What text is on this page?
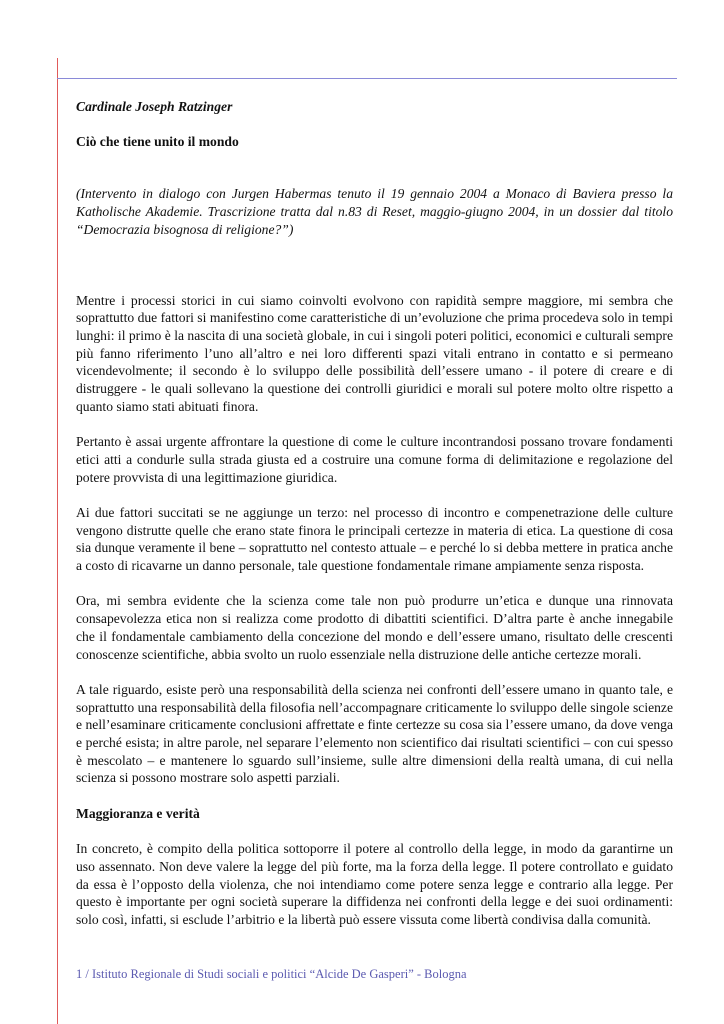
Cardinale Joseph Ratzinger

Ciò che tiene unito il mondo

(Intervento in dialogo con Jurgen Habermas tenuto il 19 gennaio 2004 a Monaco di Baviera presso la Katholische Akademie. Trascrizione tratta dal n.83 di Reset, maggio-giugno 2004, in un dossier dal titolo “Democrazia bisognosa di religione?”)

Mentre i processi storici in cui siamo coinvolti evolvono con rapidità sempre maggiore, mi sembra che soprattutto due fattori si manifestino come caratteristiche di un’evoluzione che prima procedeva solo in tempi lunghi: il primo è la nascita di una società globale, in cui i singoli poteri politici, economici e culturali sempre più fanno riferimento l’uno all’altro e nei loro differenti spazi vitali entrano in contatto e si permeano vicendevolmente; il secondo è lo sviluppo delle possibilità dell’essere umano - il potere di creare e di distruggere - le quali sollevano la questione dei controlli giuridici e morali sul potere molto oltre rispetto a quanto siamo stati abituati finora.

Pertanto è assai urgente affrontare la questione di come le culture incontrandosi possano trovare fondamenti etici atti a condurle sulla strada giusta ed a costruire una comune forma di delimitazione e regolazione del potere provvista di una legittimazione giuridica.

Ai due fattori succitati se ne aggiunge un terzo: nel processo di incontro e compenetrazione delle culture vengono distrutte quelle che erano state finora le principali certezze in materia di etica. La questione di cosa sia dunque veramente il bene – soprattutto nel contesto attuale – e perché lo si debba mettere in pratica anche a costo di ricavarne un danno personale, tale questione fondamentale rimane ampiamente senza risposta.

Ora, mi sembra evidente che la scienza come tale non può produrre un’etica e dunque una rinnovata consapevolezza etica non si realizza come prodotto di dibattiti scientifici. D’altra parte è anche innegabile che il fondamentale cambiamento della concezione del mondo e dell’essere umano, risultato delle crescenti conoscenze scientifiche, abbia svolto un ruolo essenziale nella distruzione delle antiche certezze morali.

A tale riguardo, esiste però una responsabilità della scienza nei confronti dell’essere umano in quanto tale, e soprattutto una responsabilità della filosofia nell’accompagnare criticamente lo sviluppo delle singole scienze e nell’esaminare criticamente conclusioni affrettate e finte certezze su cosa sia l’essere umano, da dove venga e perché esista; in altre parole, nel separare l’elemento non scientifico dai risultati scientifici – con cui spesso è mescolato – e mantenere lo sguardo sull’insieme, sulle altre dimensioni della realtà umana, di cui nella scienza si possono mostrare solo aspetti parziali.

Maggioranza e verità

In concreto, è compito della politica sottoporre il potere al controllo della legge, in modo da garantirne un uso assennato. Non deve valere la legge del più forte, ma la forza della legge. Il potere controllato e guidato da essa è l’opposto della violenza, che noi intendiamo come potere senza legge e contrario alla legge. Per questo è importante per ogni società superare la diffidenza nei confronti della legge e dei suoi ordinamenti: solo così, infatti, si esclude l’arbitrio e la libertà può essere vissuta come libertà condivisa dalla comunità.

1 / Istituto Regionale di Studi sociali e politici “Alcide De Gasperi” - Bologna
